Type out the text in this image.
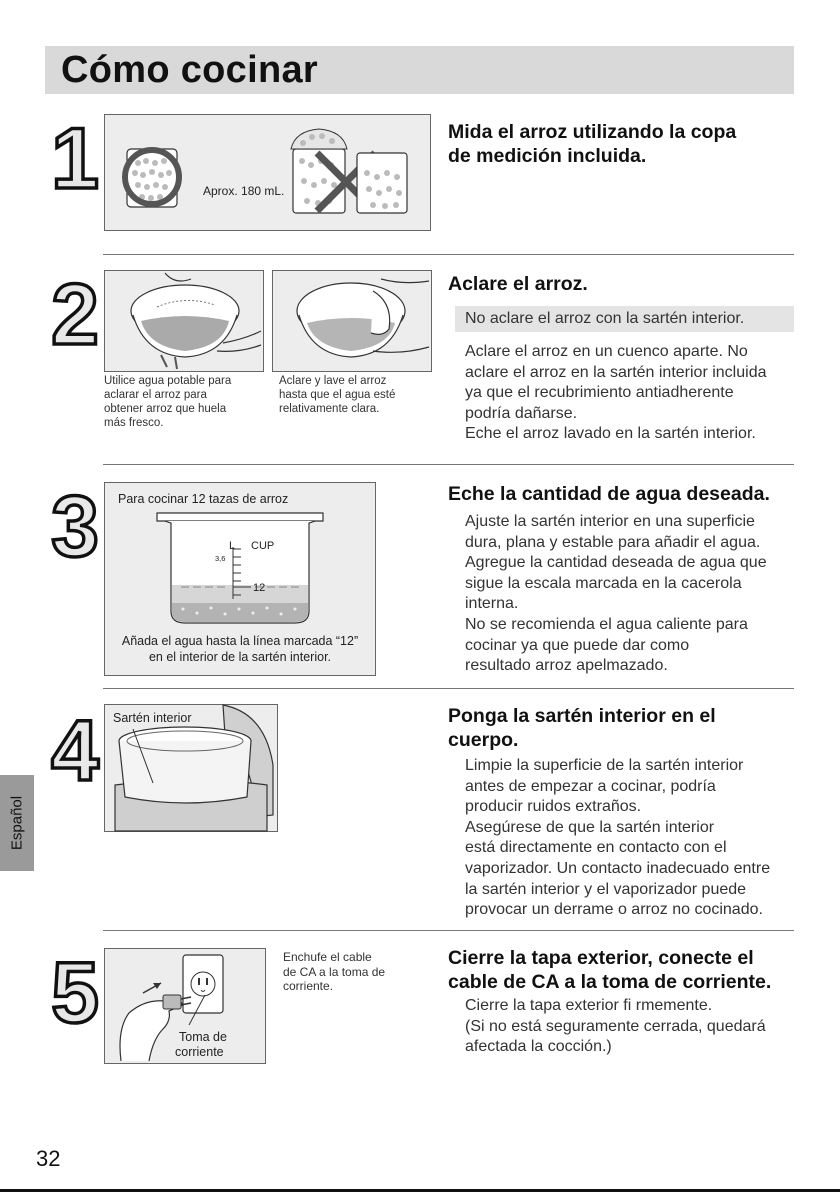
Cómo cocinar
Español
1	Aprox. 180 mL.
Mida el arroz utilizando la copa
de medición incluida.
2
Utilice agua potable para
aclarar el arroz para
obtener arroz que huela
más fresco.
Aclare y lave el arroz
hasta que el agua esté
relativamente clara.
Aclare el arroz.
No aclare el arroz con la sartén interior.
Aclare el arroz en un cuenco aparte. No
aclare el arroz en la sartén interior incluida
ya que el recubrimiento antiadherente
podría dañarse.
Eche el arroz lavado en la sartén interior.
3 Para cocinar 12 tazas de arroz
L CUP
3,6
12
Añada el agua hasta la línea marcada “12”
en el interior de la sartén interior.
Eche la cantidad de agua deseada.
Ajuste la sartén interior en una superficie
dura, plana y estable para añadir el agua.
Agregue la cantidad deseada de agua que
sigue la escala marcada en la cacerola
interna.
No se recomienda el agua caliente para
cocinar ya que puede dar como
resultado arroz apelmazado.
4 Sartén interior	Ponga la sartén interior en el
cuerpo.
Limpie la superficie de la sartén interior
antes de empezar a cocinar, podría
producir ruidos extraños.
Asegúrese de que la sartén interior
está directamente en contacto con el
vaporizador. Un contacto inadecuado entre
la sartén interior y el vaporizador puede
provocar un derrame o arroz no cocinado.
5	Toma de
corriente
Enchufe el cable
de CA a la toma de
corriente.
Cierre la tapa exterior, conecte el
cable de CA a la toma de corriente.
Cierre la tapa exterior fi rmemente.
(Si no está seguramente cerrada, quedará
afectada la cocción.)
32
